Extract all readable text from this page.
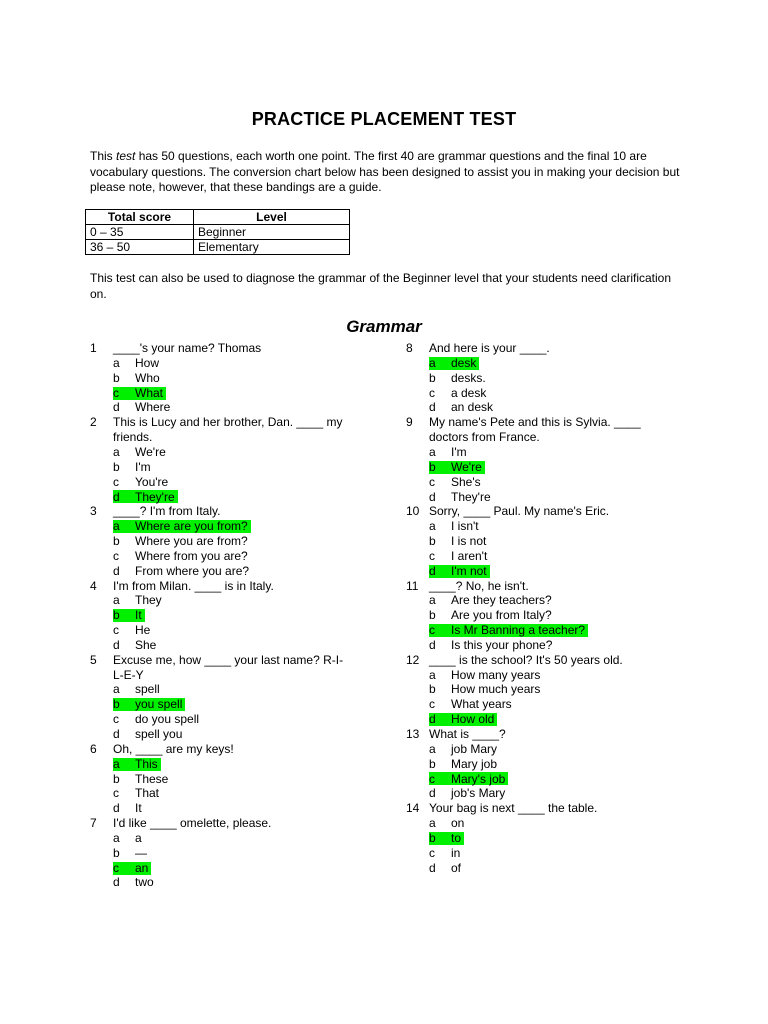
PRACTICE PLACEMENT TEST
This test has 50 questions, each worth one point. The first 40 are grammar questions and the final 10 are vocabulary questions. The conversion chart below has been designed to assist you in making your decision but please note, however, that these bandings are a guide.
Total score	Level
0 – 35	Beginner
36 – 50	Elementary
This test can also be used to diagnose the grammar of the Beginner level that your students need clarification on.
Grammar
1 ____'s your name? Thomas
a	How
b	Who
c	What
d	Where
2 This is Lucy and her brother, Dan. ____ my
friends.
a	We're
b	I'm
c	You're
d	They're
3 ____? I'm from Italy.
a	Where are you from?
b	Where you are from?
c	Where from you are?
d	From where you are?
4 I'm from Milan. ____ is in Italy.
a	They
b	It
c	He
d	She
5 Excuse me, how ____ your last name? R-I-
L-E-Y
a	spell
b	you spell
c	do you spell
d	spell you
6 Oh, ____ are my keys!
a	This
b	These
c	That
d	It
7 I'd like ____ omelette, please.
a	a
b	—
c	an
d	two
8 And here is your ____.
a	desk
b	desks.
c	a desk
d	an desk
9 My name's Pete and this is Sylvia. ____
doctors from France.
a	I'm
b	We're
c	She's
d	They're
10 Sorry, ____ Paul. My name's Eric.
a	I isn't
b	I is not
c	I aren't
d	I'm not
11 ____? No, he isn't.
a	Are they teachers?
b	Are you from Italy?
c	Is Mr Banning a teacher?
d	Is this your phone?
12 ____ is the school? It's 50 years old.
a	How many years
b	How much years
c	What years
d	How old
13 What is ____?
a	job Mary
b	Mary job
c	Mary's job
d	job's Mary
14 Your bag is next ____ the table.
a	on
b	to
c	in
d	of
